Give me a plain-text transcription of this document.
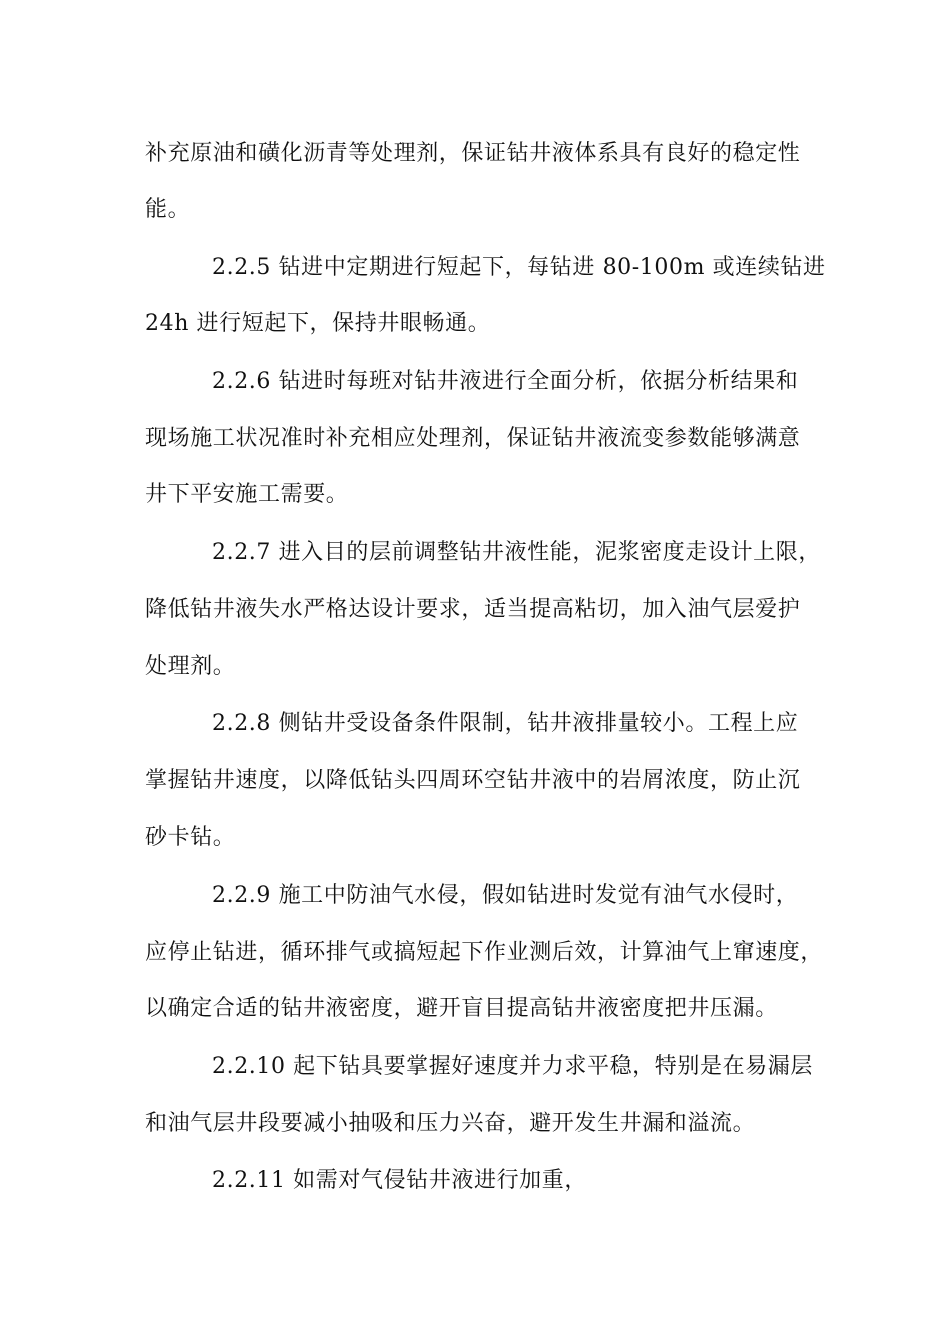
补充原油和磺化沥青等处理剂，保证钻井液体系具有良好的稳定性
能。
2.2.5 钻进中定期进行短起下，每钻进 80-100m 或连续钻进
24h 进行短起下，保持井眼畅通。
2.2.6 钻进时每班对钻井液进行全面分析，依据分析结果和
现场施工状况准时补充相应处理剂，保证钻井液流变参数能够满意
井下平安施工需要。
2.2.7 进入目的层前调整钻井液性能，泥浆密度走设计上限，
降低钻井液失水严格达设计要求，适当提高粘切，加入油气层爱护
处理剂。
2.2.8 侧钻井受设备条件限制，钻井液排量较小。工程上应
掌握钻井速度，以降低钻头四周环空钻井液中的岩屑浓度，防止沉
砂卡钻。
2.2.9 施工中防油气水侵，假如钻进时发觉有油气水侵时，
应停止钻进，循环排气或搞短起下作业测后效，计算油气上窜速度，
以确定合适的钻井液密度，避开盲目提高钻井液密度把井压漏。
2.2.10 起下钻具要掌握好速度并力求平稳，特别是在易漏层
和油气层井段要减小抽吸和压力兴奋，避开发生井漏和溢流。
2.2.11 如需对气侵钻井液进行加重，
